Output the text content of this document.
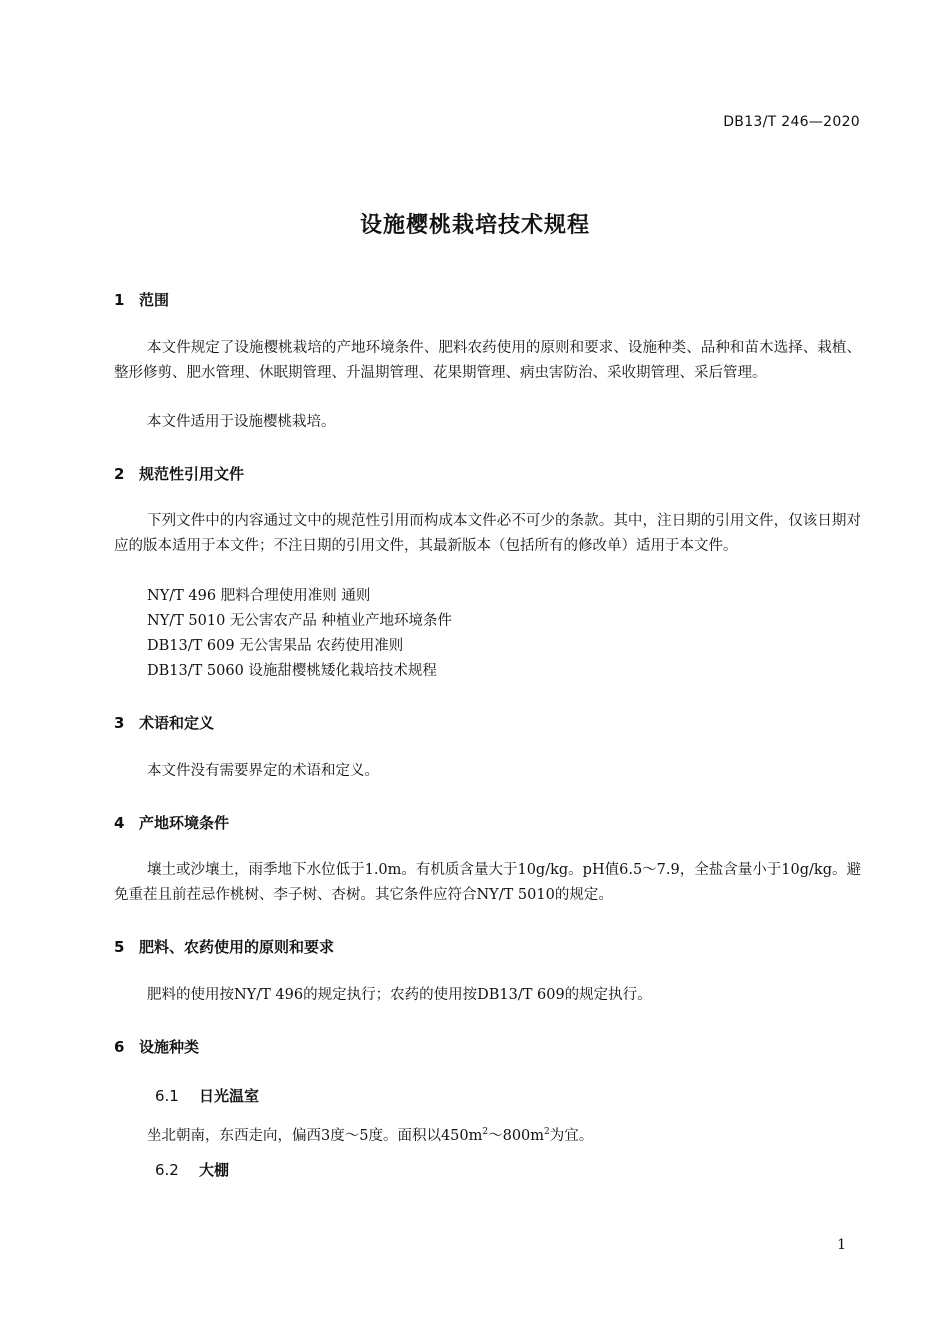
DB13/T 246—2020
设施樱桃栽培技术规程
1 范围

本文件规定了设施樱桃栽培的产地环境条件、肥料农药使用的原则和要求、设施种类、品种和苗木选择、栽植、整形修剪、肥水管理、休眠期管理、升温期管理、花果期管理、病虫害防治、采收期管理、采后管理。

本文件适用于设施樱桃栽培。

2 规范性引用文件

下列文件中的内容通过文中的规范性引用而构成本文件必不可少的条款。其中，注日期的引用文件，仅该日期对应的版本适用于本文件；不注日期的引用文件，其最新版本（包括所有的修改单）适用于本文件。

NY/T 496 肥料合理使用准则 通则
NY/T 5010 无公害农产品 种植业产地环境条件
DB13/T 609 无公害果品 农药使用准则
DB13/T 5060 设施甜樱桃矮化栽培技术规程
3 术语和定义

本文件没有需要界定的术语和定义。

4 产地环境条件

壤土或沙壤土，雨季地下水位低于1.0m。有机质含量大于10g/kg。pH值6.5～7.9，全盐含量小于10g/kg。避免重茬且前茬忌作桃树、李子树、杏树。其它条件应符合NY/T 5010的规定。

5 肥料、农药使用的原则和要求

肥料的使用按NY/T 496的规定执行；农药的使用按DB13/T 609的规定执行。

6 设施种类
6.1 日光温室

坐北朝南，东西走向，偏西3度～5度。面积以$450m^2\sim 800m^2$为宜。

6.2 大棚
1
